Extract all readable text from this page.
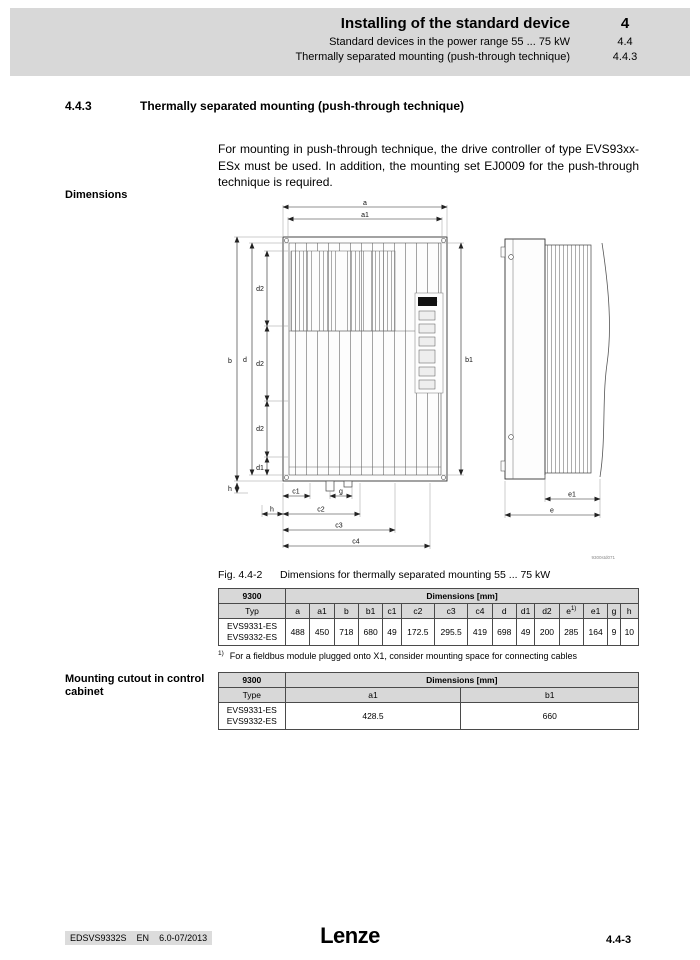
Installing of the standard device	4
Standard devices in the power range 55 ... 75 kW	4.4
Thermally separated mounting (push-through technique)	4.4.3
4.4.3	Thermally separated mounting (push-through technique)

For mounting in push-through technique, the drive controller of type EVS93xx-ESx must be used. In addition, the mounting set EJ0009 for the push-through technique is required.

Dimensions
Mounting cutout in control
cabinet
Lenze
a
a1
b d
d2
d2
d2
d1
h
b1
c1	g
h	c2
c3
c4
e1
e
9300std071
Fig. 4.4-2	Dimensions for thermally separated mounting 55 ... 75 kW
9300	Dimensions [mm]														
Typ	a	a1	b	b1	c1	c2	c3	c4	d	d1	d2	e$^{1)}$	e1	g	h

EVS9331-ES
EVS9332-ES	488	450	718	680	49	172.5	295.5	419	698	49	200	285	164	9	10
1) For a fieldbus module plugged onto X1, consider mounting space for connecting cables
9300	Dimensions [mm]	
Type	a1	b1

EVS9331-ES
EVS9332-ES	428.5	660
EDSVS9332S EN 6.0-07/2013	Lenze	4.4-3
